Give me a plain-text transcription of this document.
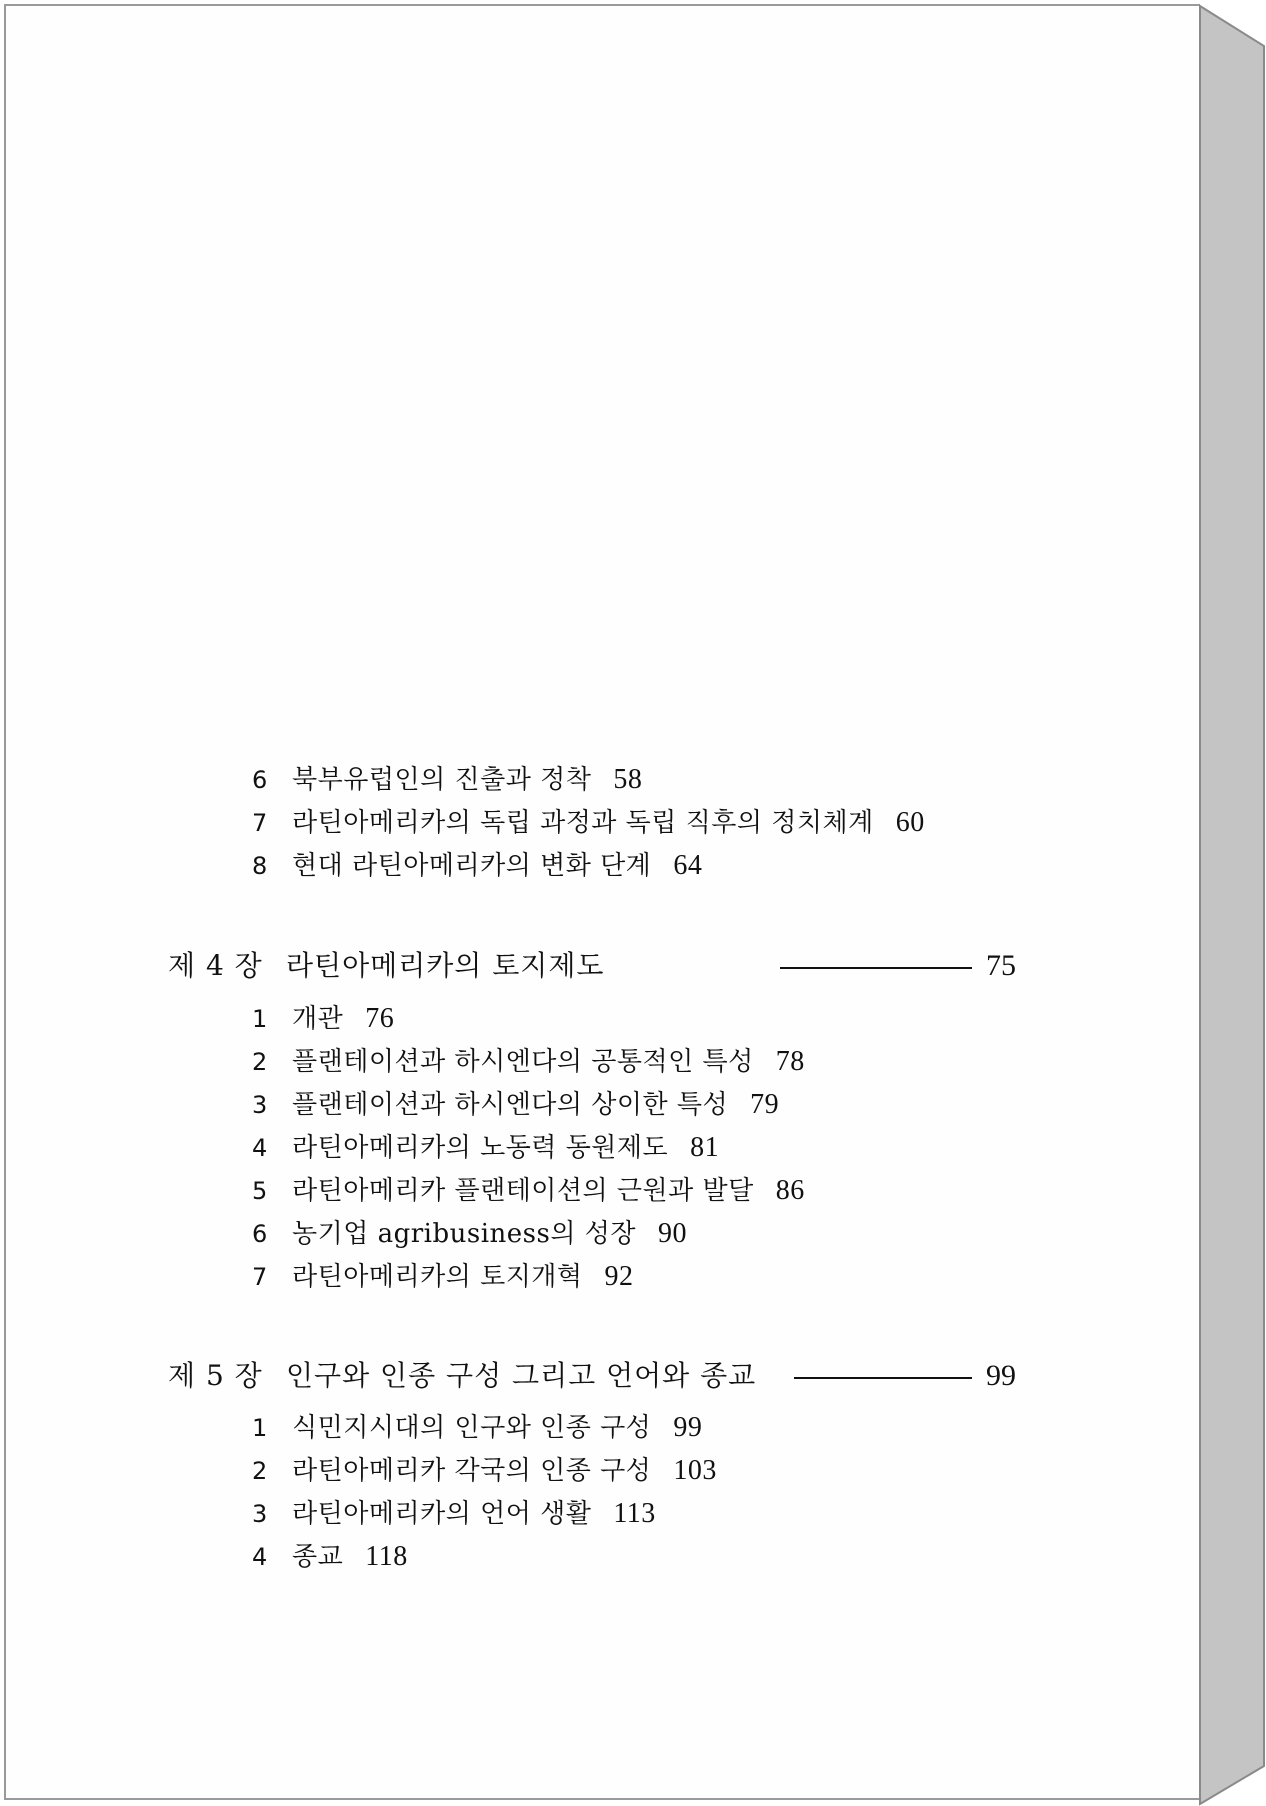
6 북부유럽인의 진출과 정착 58
7 라틴아메리카의 독립 과정과 독립 직후의 정치체계 60
8 현대 라틴아메리카의 변화 단계 64
제 4 장 라틴아메리카의 토지제도	75
1 개관 76
2 플랜테이션과 하시엔다의 공통적인 특성 78
3 플랜테이션과 하시엔다의 상이한 특성 79
4 라틴아메리카의 노동력 동원제도 81
5 라틴아메리카 플랜테이션의 근원과 발달 86
6 농기업 agribusiness의 성장 90
7 라틴아메리카의 토지개혁 92
제 5 장 인구와 인종 구성 그리고 언어와 종교	99
1 식민지시대의 인구와 인종 구성 99
2 라틴아메리카 각국의 인종 구성 103
3 라틴아메리카의 언어 생활 113
4 종교 118
